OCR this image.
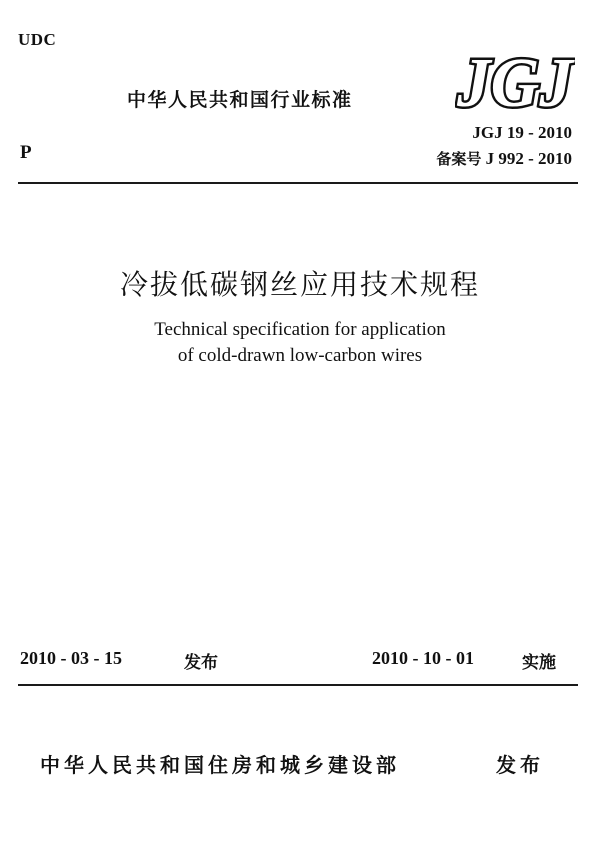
UDC
中华人民共和国行业标准 JGJ
P
JGJ 19 - 2010
备案号 J 992 - 2010
冷拔低碳钢丝应用技术规程
Technical specification for application
of cold-drawn low-carbon wires
2010 - 03 - 15	发布	2010 - 10 - 01	实施
中华人民共和国住房和城乡建设部	发布
